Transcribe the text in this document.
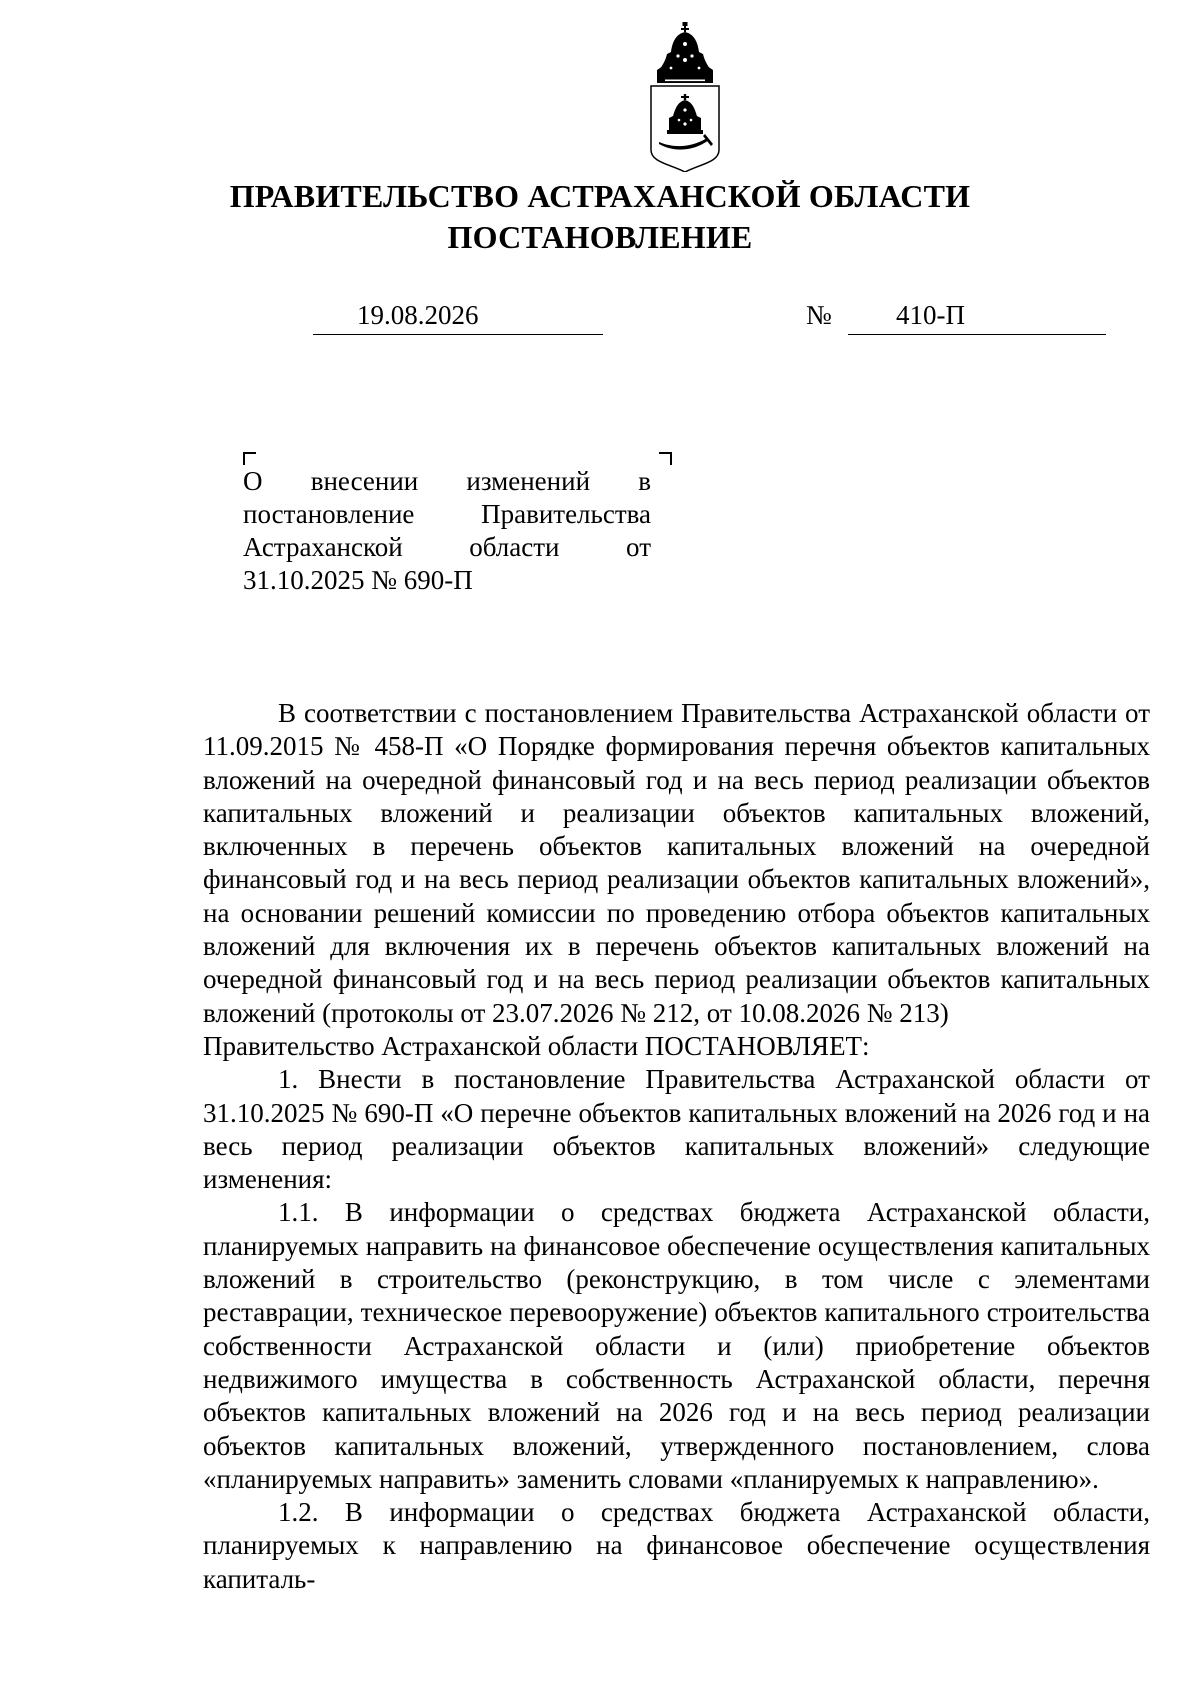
ПРАВИТЕЛЬСТВО АСТРАХАНСКОЙ ОБЛАСТИ
ПОСТАНОВЛЕНИЕ
19.08.2026	№ 410-П
О внесении изменений в постановление Правительства Астраханской области от 31.10.2025 № 690-П

В соответствии с постановлением Правительства Астраханской области от 11.09.2015 № 458-П «О Порядке формирования перечня объектов капитальных вложений на очередной финансовый год и на весь период реализации объектов капитальных вложений и реализации объектов капитальных вложений, включенных в перечень объектов капитальных вложений на очередной финансовый год и на весь период реализации объектов капитальных вложений», на основании решений комиссии по проведению отбора объектов капитальных вложений для включения их в перечень объектов капитальных вложений на очередной финансовый год и на весь период реализации объектов капитальных вложений (протоколы от 23.07.2026 № 212, от 10.08.2026 № 213)

Правительство Астраханской области ПОСТАНОВЛЯЕТ:

1. Внести в постановление Правительства Астраханской области от 31.10.2025 № 690-П «О перечне объектов капитальных вложений на 2026 год и на весь период реализации объектов капитальных вложений» следующие изменения:

1.1. В информации о средствах бюджета Астраханской области, планируемых направить на финансовое обеспечение осуществления капитальных вложений в строительство (реконструкцию, в том числе с элементами реставрации, техническое перевооружение) объектов капитального строительства собственности Астраханской области и (или) приобретение объектов недвижимого имущества в собственность Астраханской области, перечня объектов капитальных вложений на 2026 год и на весь период реализации объектов капитальных вложений, утвержденного постановлением, слова «планируемых направить» заменить словами «планируемых к направлению».

1.2. В информации о средствах бюджета Астраханской области, планируемых к направлению на финансовое обеспечение осуществления капиталь-
